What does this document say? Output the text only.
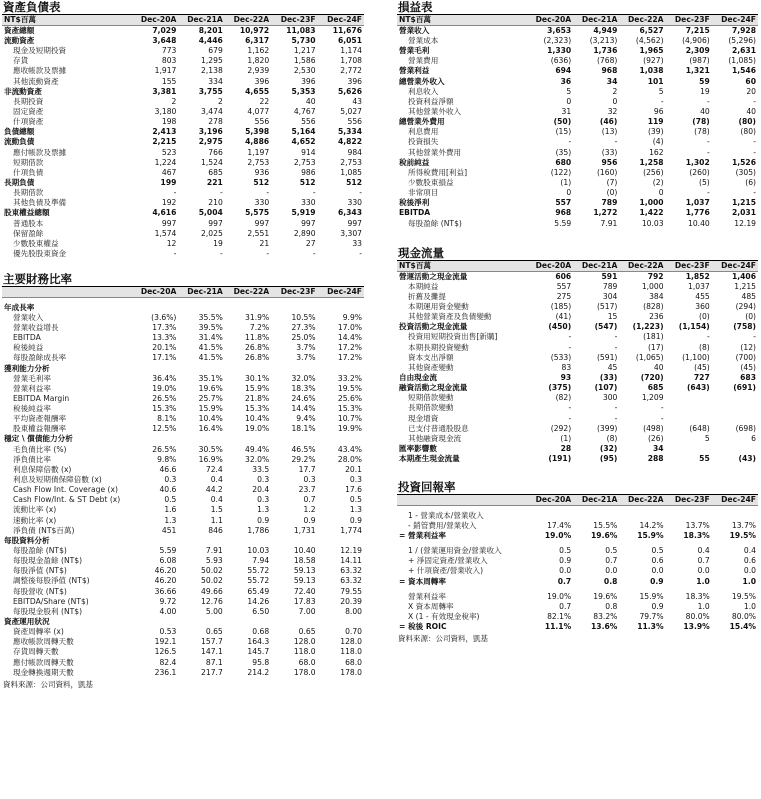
資產負債表
NT$百萬	Dec-20A	Dec-21A	Dec-22A	Dec-23F	Dec-24F
資產總額	7,029	8,201	10,972	11,083	11,676
流動資產	3,648	4,446	6,317	5,730	6,051
現金及短期投資	773	679	1,162	1,217	1,174
存貨	803	1,295	1,820	1,586	1,708
應收帳款及票據	1,917	2,138	2,939	2,530	2,772
其他流動資產	155	334	396	396	396
非流動資產	3,381	3,755	4,655	5,353	5,626
長期投資	2	2	22	40	43
固定資產	3,180	3,474	4,077	4,767	5,027
什項資產	198	278	556	556	556
負債總額	2,413	3,196	5,398	5,164	5,334
流動負債	2,215	2,975	4,886	4,652	4,822
應付帳款及票據	523	766	1,197	914	984
短期借款	1,224	1,524	2,753	2,753	2,753
什項負債	467	685	936	986	1,085
長期負債	199	221	512	512	512
長期借款	-	-	-	-	-
其他負債及準備	192	210	330	330	330
股東權益總額	4,616	5,004	5,575	5,919	6,343
普通股本	997	997	997	997	997
保留盈餘	1,574	2,025	2,551	2,890	3,307
少數股東權益	12	19	21	27	33
優先股股東資金	-	-	-	-	-
主要財務比率
	Dec-20A	Dec-21A	Dec-22A	Dec-23F	Dec-24F

年成長率					
營業收入	(3.6%)	35.5%	31.9%	10.5%	9.9%
營業收益增長	17.3%	39.5%	7.2%	27.3%	17.0%
EBITDA	13.3%	31.4%	11.8%	25.0%	14.4%
稅後純益	20.1%	41.5%	26.8%	3.7%	17.2%
每股盈餘成長率	17.1%	41.5%	26.8%	3.7%	17.2%
獲利能力分析					
營業毛利率	36.4%	35.1%	30.1%	32.0%	33.2%
營業利益率	19.0%	19.6%	15.9%	18.3%	19.5%
EBITDA Margin	26.5%	25.7%	21.8%	24.6%	25.6%
稅後純益率	15.3%	15.9%	15.3%	14.4%	15.3%
平均資產報酬率	8.1%	10.4%	10.4%	9.4%	10.7%
股東權益報酬率	12.5%	16.4%	19.0%	18.1%	19.9%
穩定 \ 償債能力分析					
毛負債比率 (%)	26.5%	30.5%	49.4%	46.5%	43.4%
淨負債比率	9.8%	16.9%	32.0%	29.2%	28.0%
利息保障倍數 (x)	46.6	72.4	33.5	17.7	20.1
利息及短期債保障倍數 (x)	0.3	0.4	0.3	0.3	0.3
Cash Flow Int. Coverage (x)	40.6	44.2	20.4	23.7	17.6
Cash Flow/Int. & ST Debt (x)	0.5	0.4	0.3	0.7	0.5
流動比率 (x)	1.6	1.5	1.3	1.2	1.3
速動比率 (x)	1.3	1.1	0.9	0.9	0.9
淨負債 (NT$百萬)	451	846	1,786	1,731	1,774
每股資料分析					
每股盈餘 (NT$)	5.59	7.91	10.03	10.40	12.19
每股現金盈餘 (NT$)	6.08	5.93	7.94	18.58	14.11
每股淨值 (NT$)	46.20	50.02	55.72	59.13	63.32
調整後每股淨值 (NT$)	46.20	50.02	55.72	59.13	63.32
每股營收 (NT$)	36.66	49.66	65.49	72.40	79.55
EBITDA/Share (NT$)	9.72	12.76	14.26	17.83	20.39
每股現金股利 (NT$)	4.00	5.00	6.50	7.00	8.00
資產運用狀況					
資產周轉率 (x)	0.53	0.65	0.68	0.65	0.70
應收帳款周轉天數	192.1	157.7	164.3	128.0	128.0
存貨周轉天數	126.5	147.1	145.7	118.0	118.0
應付帳款周轉天數	82.4	87.1	95.8	68.0	68.0
現金轉換週期天數	236.1	217.7	214.2	178.0	178.0
資料來源：公司資料，凱基
損益表
NT$百萬	Dec-20A	Dec-21A	Dec-22A	Dec-23F	Dec-24F
營業收入	3,653	4,949	6,527	7,215	7,928
營業成本	(2,323)	(3,213)	(4,562)	(4,906)	(5,296)
營業毛利	1,330	1,736	1,965	2,309	2,631
營業費用	(636)	(768)	(927)	(987)	(1,085)
營業利益	694	968	1,038	1,321	1,546
總營業外收入	36	34	101	59	60
利息收入	5	2	5	19	20
投資利益淨額	0	0	-	-	-
其他營業外收入	31	32	96	40	40
總營業外費用	(50)	(46)	119	(78)	(80)
利息費用	(15)	(13)	(39)	(78)	(80)
投資損失	-	-	(4)	-	-
其他營業外費用	(35)	(33)	162	-	-
稅前純益	680	956	1,258	1,302	1,526
所得稅費用[利益]	(122)	(160)	(256)	(260)	(305)
少數股東損益	(1)	(7)	(2)	(5)	(6)
非常項目	0	(0)	0	-	-
稅後淨利	557	789	1,000	1,037	1,215
EBITDA	968	1,272	1,422	1,776	2,031
每股盈餘 (NT$)	5.59	7.91	10.03	10.40	12.19
現金流量
NT$百萬	Dec-20A	Dec-21A	Dec-22A	Dec-23F	Dec-24F
營運活動之現金流量	606	591	792	1,852	1,406
本期純益	557	789	1,000	1,037	1,215
折舊及攤提	275	304	384	455	485
本期運用資金變動	(185)	(517)	(828)	360	(294)
其他營業資產及負債變動	(41)	15	236	(0)	(0)
投資活動之現金流量	(450)	(547)	(1,223)	(1,154)	(758)
投資用短期投資出售[新購]	-	-	(181)	-	-
本期長期投資變動	-	-	(17)	(8)	(12)
資本支出淨額	(533)	(591)	(1,065)	(1,100)	(700)
其他資產變動	83	45	40	(45)	(45)
自由現金流	93	(33)	(720)	727	683
融資活動之現金流量	(375)	(107)	685	(643)	(691)
短期借款變動	(82)	300	1,209		
長期借款變動	-	-	-		
現金增資	-	-	-		
已支付普通股股息	(292)	(399)	(498)	(648)	(698)
其他融資現金流	(1)	(8)	(26)	5	6
匯率影響數	28	(32)	34		
本期產生現金流量	(191)	(95)	288	55	(43)
投資回報率
	Dec-20A	Dec-21A	Dec-22A	Dec-23F	Dec-24F

1 - 營業成本/營業收入					
- 銷管費用/營業收入	17.4%	15.5%	14.2%	13.7%	13.7%
= 營業利益率	19.0%	19.6%	15.9%	18.3%	19.5%

1 / (營業運用資金/營業收入	0.5	0.5	0.5	0.4	0.4
+ 淨固定資產/營業收入	0.9	0.7	0.6	0.7	0.6
+ 什項資產/營業收入)	0.0	0.0	0.0	0.0	0.0
= 資本周轉率	0.7	0.8	0.9	1.0	1.0

營業利益率	19.0%	19.6%	15.9%	18.3%	19.5%
X 資本周轉率	0.7	0.8	0.9	1.0	1.0
X (1 - 有效現金稅率)	82.1%	83.2%	79.7%	80.0%	80.0%
= 稅後 ROIC	11.1%	13.6%	11.3%	13.9%	15.4%
資料來源：公司資料，凱基
